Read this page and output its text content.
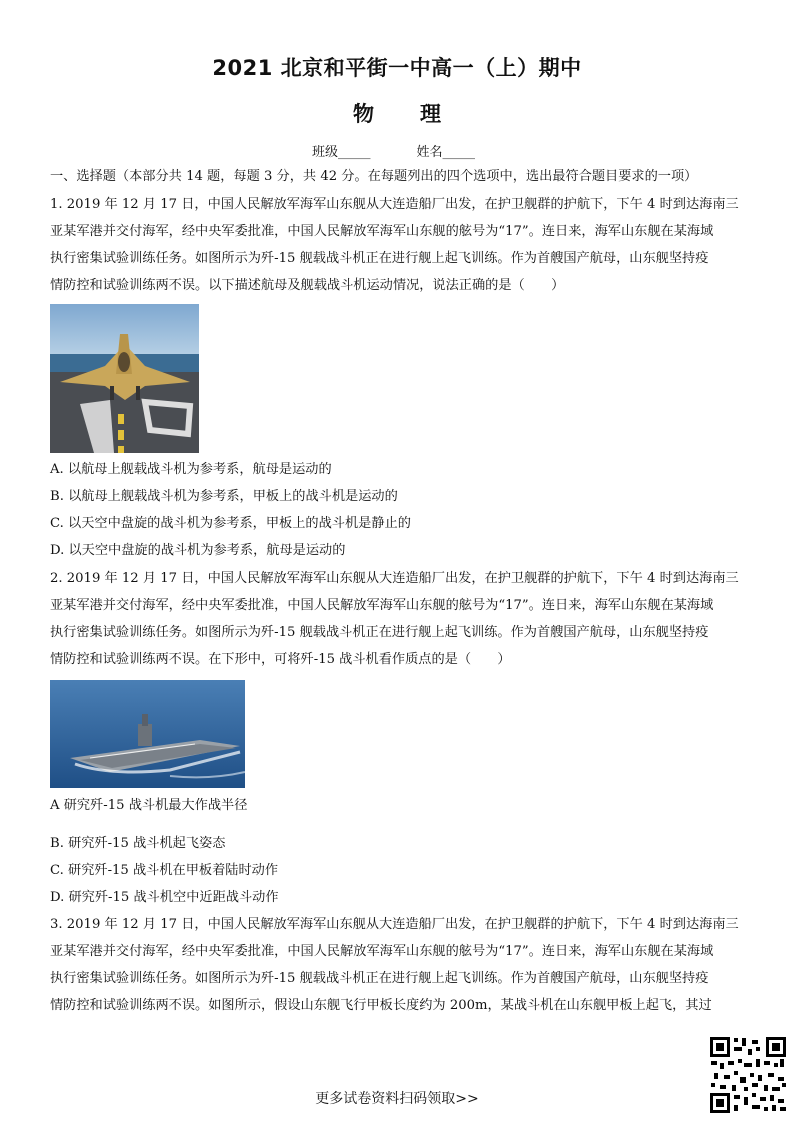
2021 北京和平街一中高一（上）期中
物理
班级_____	姓名_____
一、选择题（本部分共 14 题，每题 3 分，共 42 分。在每题列出的四个选项中，选出最符合题目要求的一项）
1. 2019 年 12 月 17 日，中国人民解放军海军山东舰从大连造船厂出发，在护卫舰群的护航下，下午 4 时到达海南三
亚某军港并交付海军，经中央军委批准，中国人民解放军海军山东舰的舷号为“17”。连日来，海军山东舰在某海域
执行密集试验训练任务。如图所示为歼-15 舰载战斗机正在进行舰上起飞训练。作为首艘国产航母，山东舰坚持疫
情防控和试验训练两不误。以下描述航母及舰载战斗机运动情况，说法正确的是（　　）
A. 以航母上舰载战斗机为参考系，航母是运动的
B. 以航母上舰载战斗机为参考系，甲板上的战斗机是运动的
C. 以天空中盘旋的战斗机为参考系，甲板上的战斗机是静止的
D. 以天空中盘旋的战斗机为参考系，航母是运动的
2. 2019 年 12 月 17 日，中国人民解放军海军山东舰从大连造船厂出发，在护卫舰群的护航下，下午 4 时到达海南三
亚某军港并交付海军，经中央军委批准，中国人民解放军海军山东舰的舷号为“17”。连日来，海军山东舰在某海域
执行密集试验训练任务。如图所示为歼-15 舰载战斗机正在进行舰上起飞训练。作为首艘国产航母，山东舰坚持疫
情防控和试验训练两不误。在下形中，可将歼-15 战斗机看作质点的是（　　）
A 研究歼-15 战斗机最大作战半径
B. 研究歼-15 战斗机起飞姿态
C. 研究歼-15 战斗机在甲板着陆时动作
D. 研究歼-15 战斗机空中近距战斗动作
3. 2019 年 12 月 17 日，中国人民解放军海军山东舰从大连造船厂出发，在护卫舰群的护航下，下午 4 时到达海南三
亚某军港并交付海军，经中央军委批准，中国人民解放军海军山东舰的舷号为“17”。连日来，海军山东舰在某海域
执行密集试验训练任务。如图所示为歼-15 舰载战斗机正在进行舰上起飞训练。作为首艘国产航母，山东舰坚持疫
情防控和试验训练两不误。如图所示，假设山东舰飞行甲板长度约为 200m，某战斗机在山东舰甲板上起飞，其过
更多试卷资料扫码领取>>
